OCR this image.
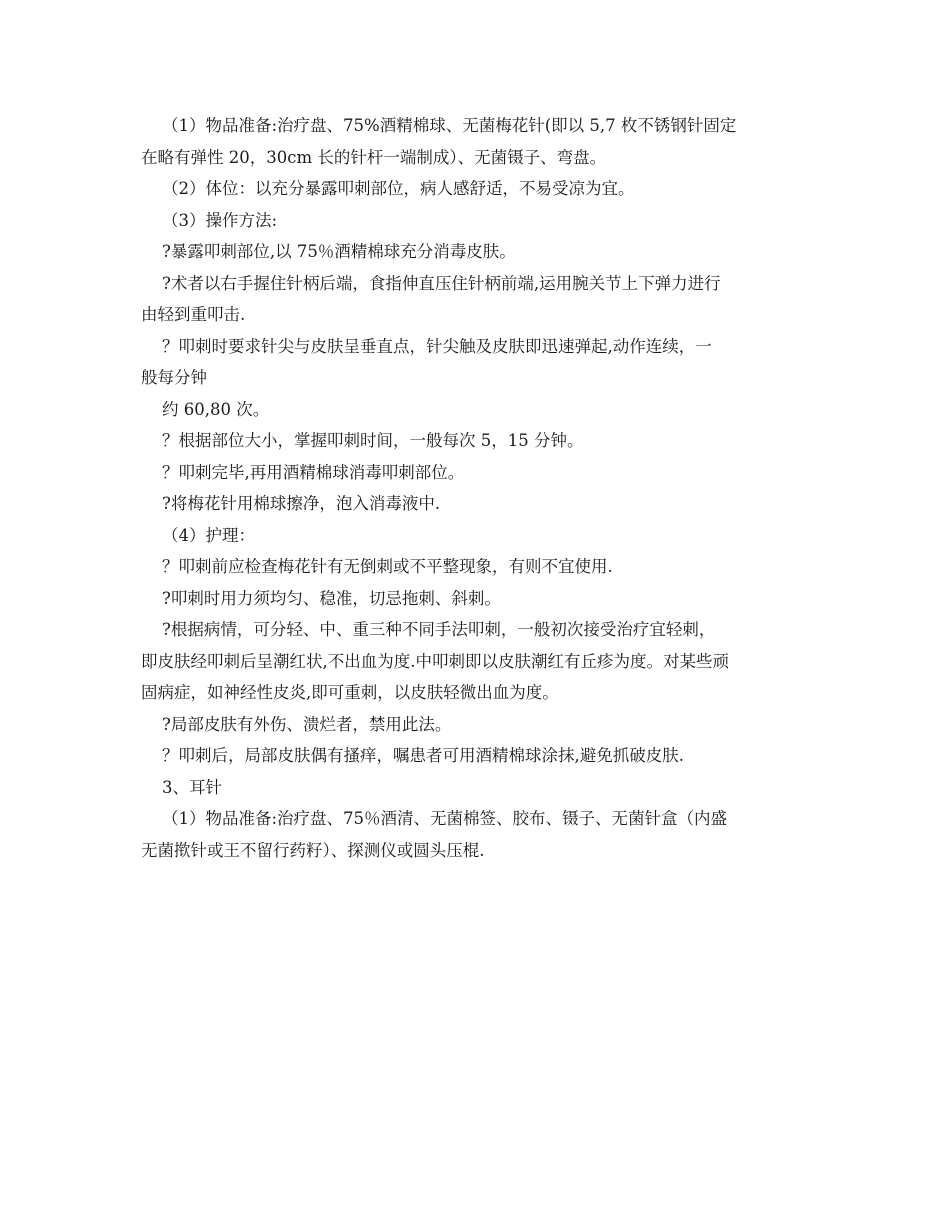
（1）物品准备:治疗盘、75%酒精棉球、无菌梅花针(即以 5,7 枚不锈钢针固定
在略有弹性 20，30cm 长的针杆一端制成）、无菌镊子、弯盘。
（2）体位：以充分暴露叩刺部位，病人感舒适，不易受凉为宜。
（3）操作方法:
?暴露叩刺部位,以 75％酒精棉球充分消毒皮肤。
?术者以右手握住针柄后端，食指伸直压住针柄前端,运用腕关节上下弹力进行
由轻到重叩击.
？叩刺时要求针尖与皮肤呈垂直点，针尖触及皮肤即迅速弹起,动作连续，一
般每分钟
约 60,80 次。
？根据部位大小，掌握叩刺时间，一般每次 5，15 分钟。
？叩刺完毕,再用酒精棉球消毒叩刺部位。
?将梅花针用棉球擦净，泡入消毒液中.
（4）护理：
？叩刺前应检查梅花针有无倒刺或不平整现象，有则不宜使用.
?叩刺时用力须均匀、稳准，切忌拖刺、斜刺。
?根据病情，可分轻、中、重三种不同手法叩刺，一般初次接受治疗宜轻刺，
即皮肤经叩刺后呈潮红状,不出血为度.中叩刺即以皮肤潮红有丘疹为度。对某些顽
固病症，如神经性皮炎,即可重刺，以皮肤轻微出血为度。
?局部皮肤有外伤、溃烂者，禁用此法。
？叩刺后，局部皮肤偶有搔痒，嘱患者可用酒精棉球涂抹,避免抓破皮肤.
3、耳针
（1）物品准备:治疗盘、75％酒清、无菌棉签、胶布、镊子、无菌针盒（内盛
无菌揿针或王不留行药籽）、探测仪或圆头压棍.
